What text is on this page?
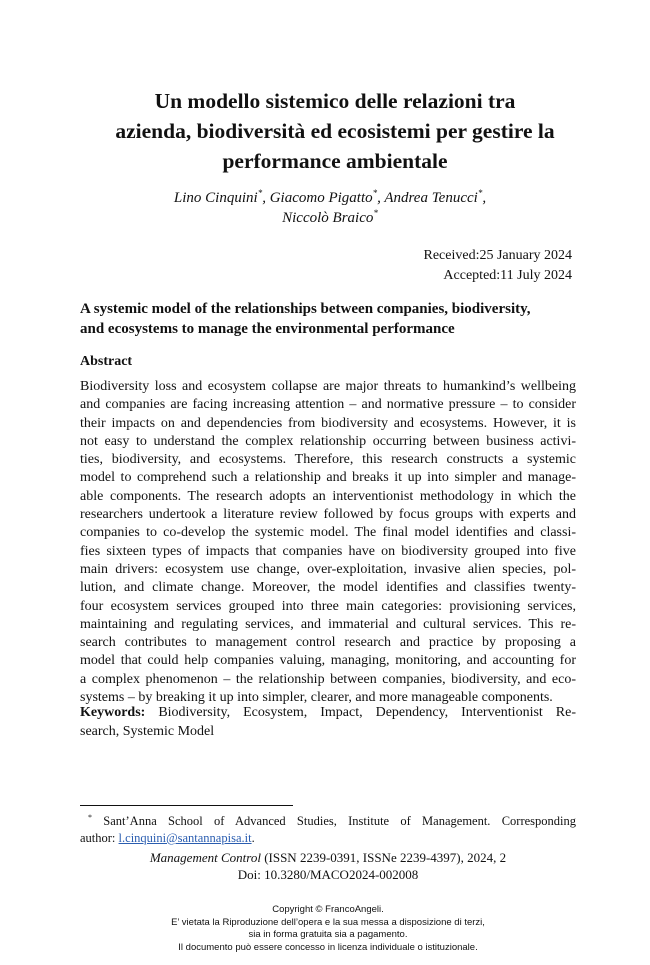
Un modello sistemico delle relazioni tra
azienda, biodiversità ed ecosistemi per gestire la
performance ambientale
Lino Cinquini*, Giacomo Pigatto*, Andrea Tenucci*,
Niccolò Braico*
Received:25 January 2024
Accepted:11 July 2024
A systemic model of the relationships between companies, biodiversity,
and ecosystems to manage the environmental performance
Abstract

Biodiversity loss and ecosystem collapse are major threats to humankind’s wellbeing
and companies are facing increasing attention – and normative pressure – to consider
their impacts on and dependencies from biodiversity and ecosystems. However, it is
not easy to understand the complex relationship occurring between business activi-
ties, biodiversity, and ecosystems. Therefore, this research constructs a systemic
model to comprehend such a relationship and breaks it up into simpler and manage-
able components. The research adopts an interventionist methodology in which the
researchers undertook a literature review followed by focus groups with experts and
companies to co-develop the systemic model. The final model identifies and classi-
fies sixteen types of impacts that companies have on biodiversity grouped into five
main drivers: ecosystem use change, over-exploitation, invasive alien species, pol-
lution, and climate change. Moreover, the model identifies and classifies twenty-
four ecosystem services grouped into three main categories: provisioning services,
maintaining and regulating services, and immaterial and cultural services. This re-
search contributes to management control research and practice by proposing a
model that could help companies valuing, managing, monitoring, and accounting for
a complex phenomenon – the relationship between companies, biodiversity, and eco-
systems – by breaking it up into simpler, clearer, and more manageable components.

Keywords: Biodiversity, Ecosystem, Impact, Dependency, Interventionist Re-
search, Systemic Model

* Sant’Anna School of Advanced Studies, Institute of Management. Corresponding
author: l.cinquini@santannapisa.it.

Management Control (ISSN 2239-0391, ISSNe 2239-4397), 2024, 2
Doi: 10.3280/MACO2024-002008
Copyright © FrancoAngeli.
E’ vietata la Riproduzione dell’opera e la sua messa a disposizione di terzi,
sia in forma gratuita sia a pagamento.
Il documento può essere concesso in licenza individuale o istituzionale.
